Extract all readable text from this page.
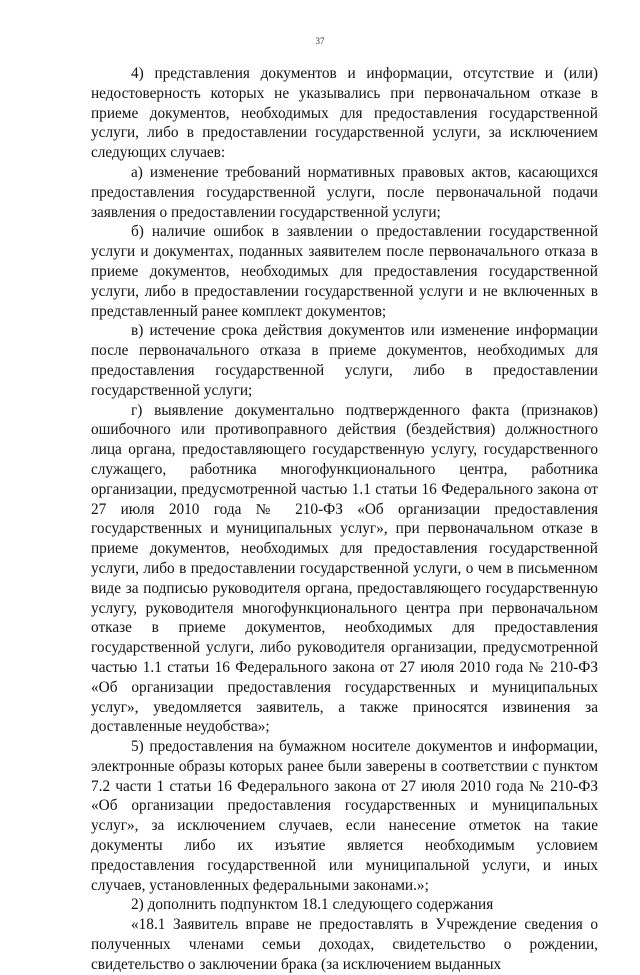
37

4) представления документов и информации, отсутствие и (или) недостоверность которых не указывались при первоначальном отказе в приеме документов, необходимых для предоставления государственной услуги, либо в предоставлении государственной услуги, за исключением следующих случаев:

а) изменение требований нормативных правовых актов, касающихся предоставления государственной услуги, после первоначальной подачи заявления о предоставлении государственной услуги;

б) наличие ошибок в заявлении о предоставлении государственной услуги и документах, поданных заявителем после первоначального отказа в приеме документов, необходимых для предоставления государственной услуги, либо в предоставлении государственной услуги и не включенных в представленный ранее комплект документов;

в) истечение срока действия документов или изменение информации после первоначального отказа в приеме документов, необходимых для предоставления государственной услуги, либо в предоставлении государственной услуги;

г) выявление документально подтвержденного факта (признаков) ошибочного или противоправного действия (бездействия) должностного лица органа, предоставляющего государственную услугу, государственного служащего, работника многофункционального центра, работника организации, предусмотренной частью 1.1 статьи 16 Федерального закона от 27 июля 2010 года № 210-ФЗ «Об организации предоставления государственных и муниципальных услуг», при первоначальном отказе в приеме документов, необходимых для предоставления государственной услуги, либо в предоставлении государственной услуги, о чем в письменном виде за подписью руководителя органа, предоставляющего государственную услугу, руководителя многофункционального центра при первоначальном отказе в приеме документов, необходимых для предоставления государственной услуги, либо руководителя организации, предусмотренной частью 1.1 статьи 16 Федерального закона от 27 июля 2010 года № 210-ФЗ «Об организации предоставления государственных и муниципальных услуг», уведомляется заявитель, а также приносятся извинения за доставленные неудобства»;

5) предоставления на бумажном носителе документов и информации, электронные образы которых ранее были заверены в соответствии с пунктом 7.2 части 1 статьи 16 Федерального закона от 27 июля 2010 года № 210-ФЗ «Об организации предоставления государственных и муниципальных услуг», за исключением случаев, если нанесение отметок на такие документы либо их изъятие является необходимым условием предоставления государственной или муниципальной услуги, и иных случаев, установленных федеральными законами.»;

2) дополнить подпунктом 18.1 следующего содержания

«18.1 Заявитель вправе не предоставлять в Учреждение сведения о полученных членами семьи доходах, свидетельство о рождении, свидетельство о заключении брака (за исключением выданных
